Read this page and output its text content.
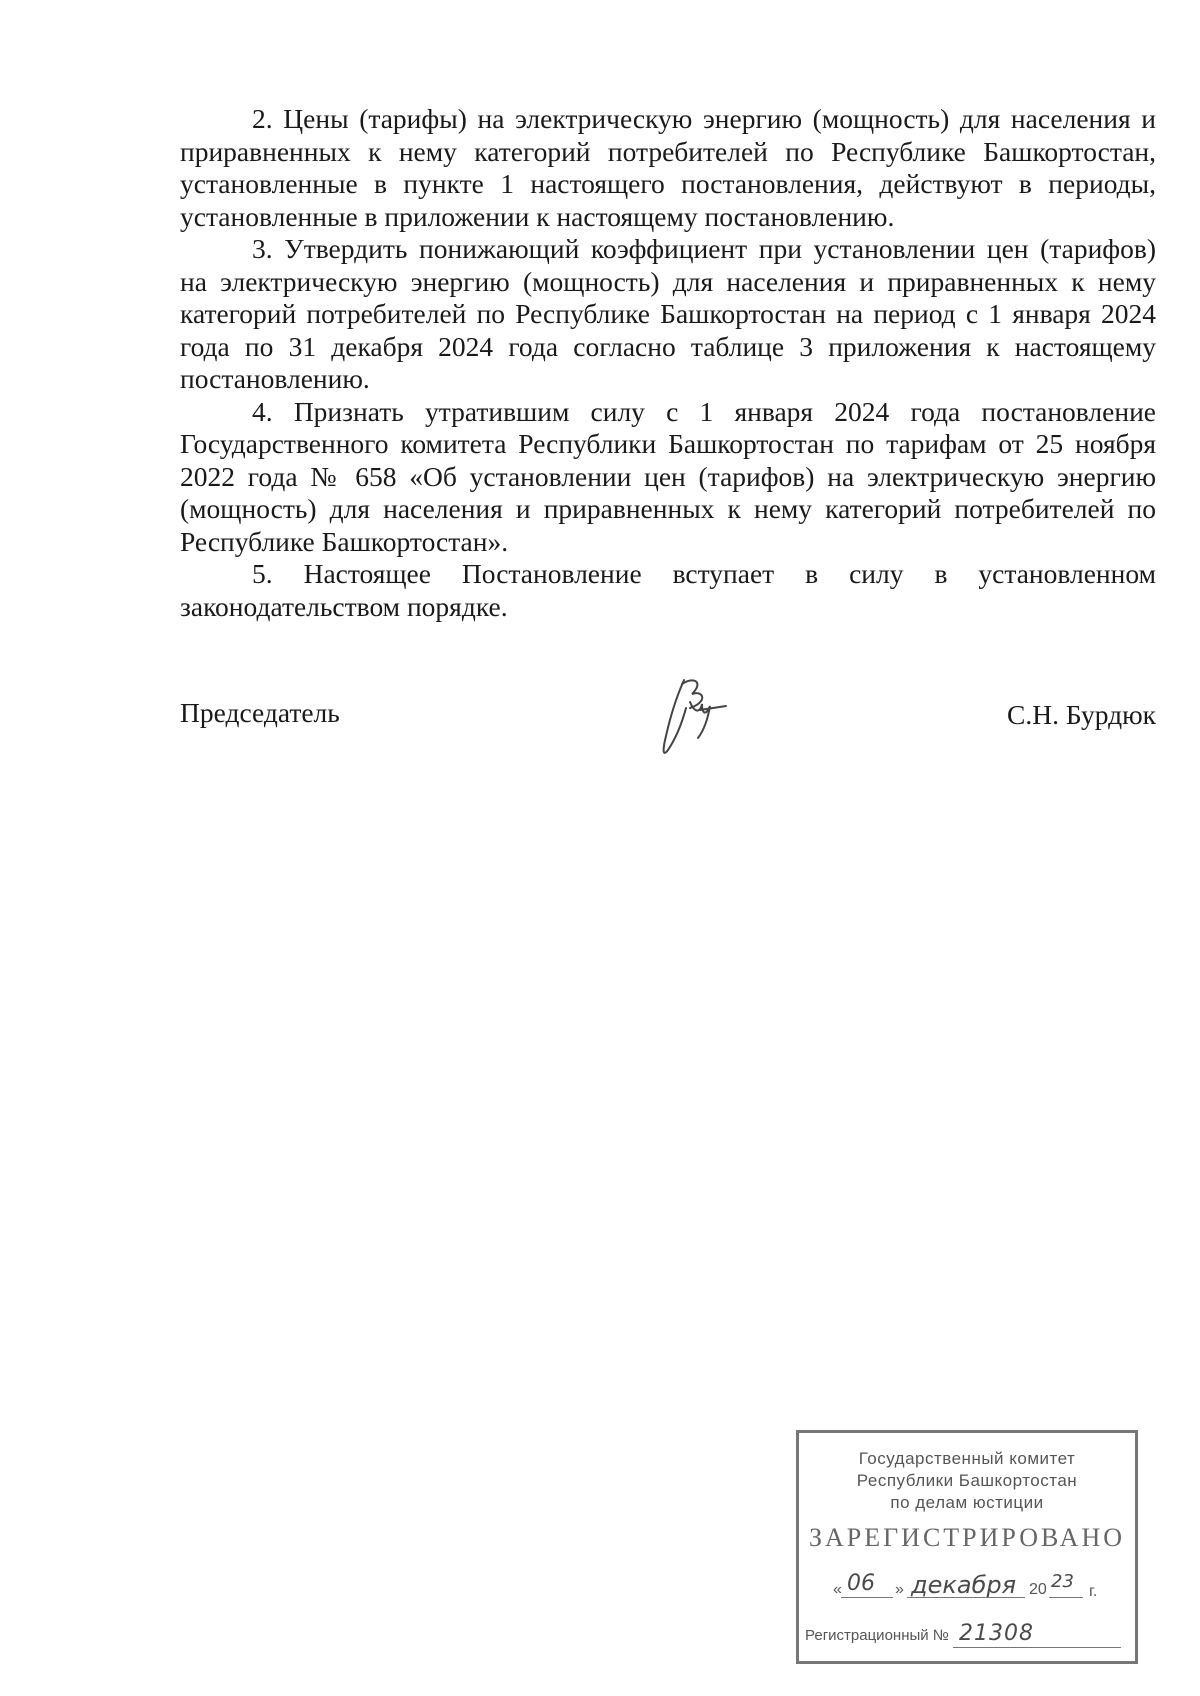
2. Цены (тарифы) на электрическую энергию (мощность) для населения и приравненных к нему категорий потребителей по Республике Башкортостан, установленные в пункте 1 настоящего постановления, действуют в периоды, установленные в приложении к настоящему постановлению.

3. Утвердить понижающий коэффициент при установлении цен (тарифов) на электрическую энергию (мощность) для населения и приравненных к нему категорий потребителей по Республике Башкортостан на период с 1 января 2024 года по 31 декабря 2024 года согласно таблице 3 приложения к настоящему постановлению.

4. Признать утратившим силу с 1 января 2024 года постановление Государственного комитета Республики Башкортостан по тарифам от 25 ноября 2022 года № 658 «Об установлении цен (тарифов) на электрическую энергию (мощность) для населения и приравненных к нему категорий потребителей по Республике Башкортостан».

5. Настоящее Постановление вступает в силу в установленном законодательством порядке.

Председатель	С.Н. Бурдюк
Государственный комитет
Республики Башкортостан
по делам юстиции
ЗАРЕГИСТРИРОВАНО
« 06 » декабря 20 23 г.
Регистрационный № 21308
